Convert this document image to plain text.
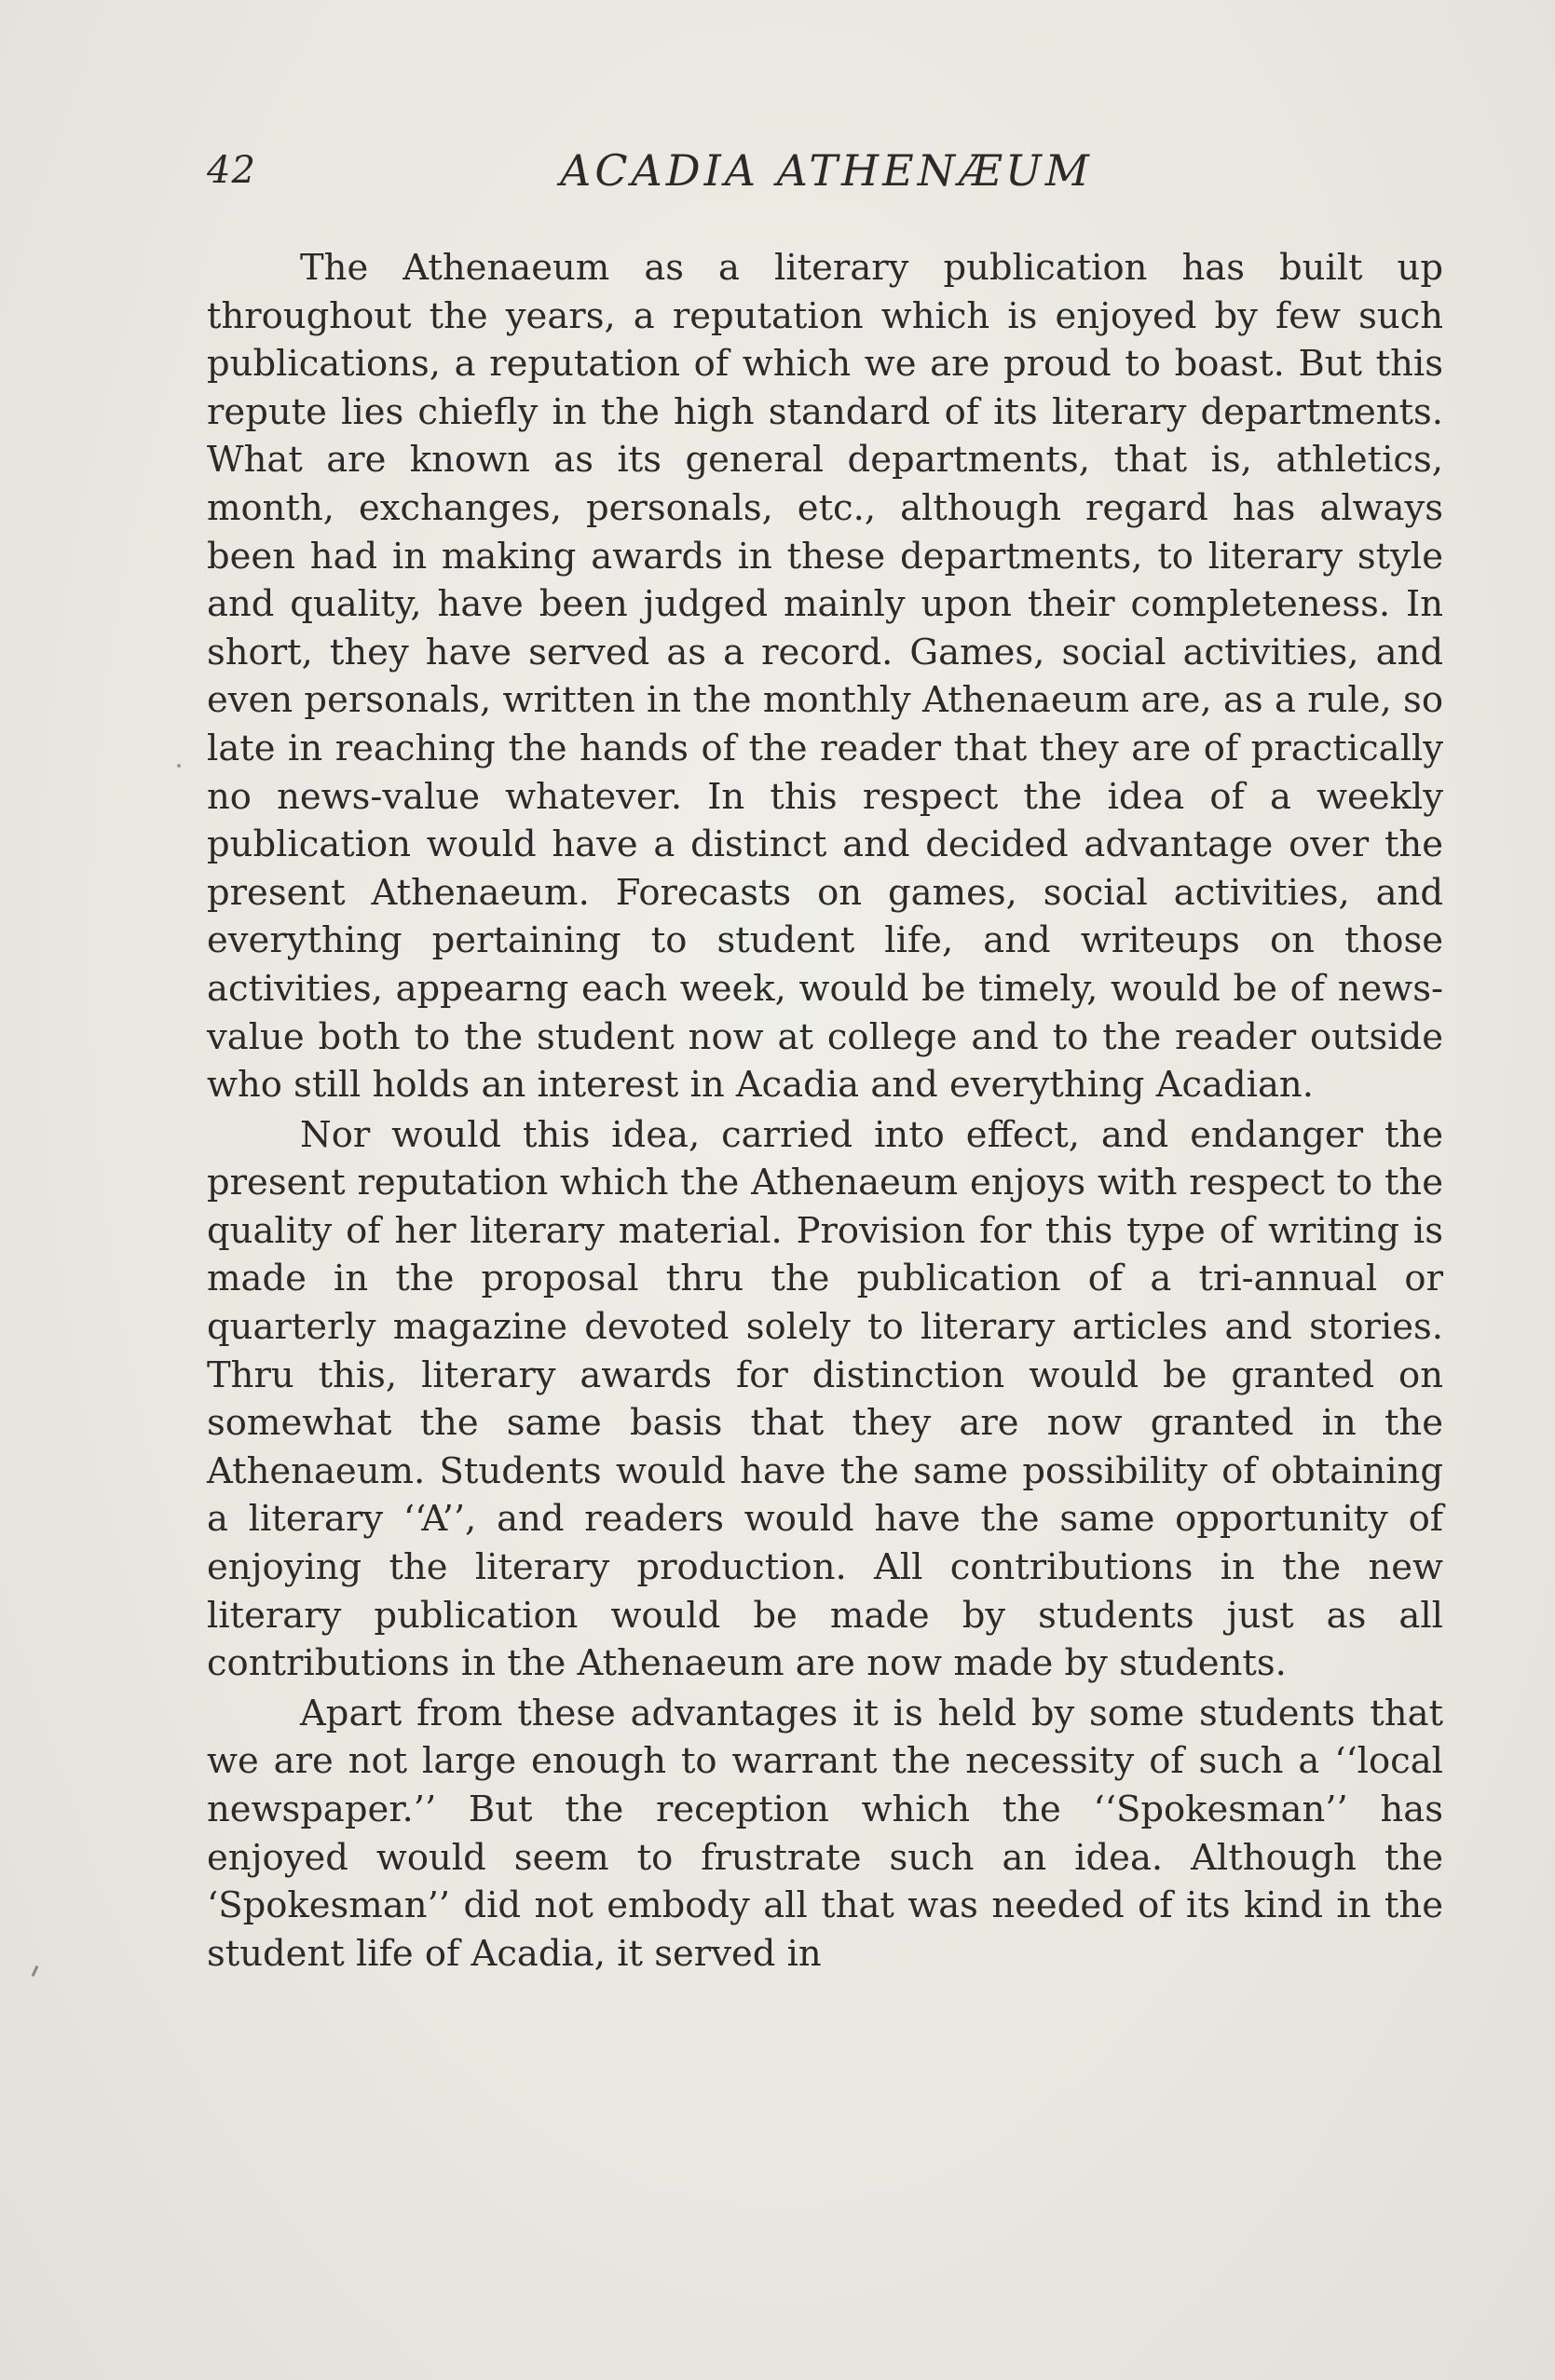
42	ACADIA ATHENÆUM

The Athenaeum as a literary publication has built up throughout the years, a reputation which is enjoyed by few such publications, a reputation of which we are proud to boast. But this repute lies chiefly in the high standard of its literary departments. What are known as its general departments, that is, athletics, month, exchanges, personals, etc., although regard has always been had in making awards in these departments, to literary style and quality, have been judged mainly upon their completeness. In short, they have served as a record. Games, social activities, and even personals, written in the monthly Athenaeum are, as a rule, so late in reaching the hands of the reader that they are of practically no news-value whatever. In this respect the idea of a weekly publication would have a distinct and decided advantage over the present Athenaeum. Forecasts on games, social activities, and everything pertaining to student life, and writeups on those activities, appearng each week, would be timely, would be of news-value both to the student now at college and to the reader outside who still holds an interest in Acadia and everything Acadian.

Nor would this idea, carried into effect, and endanger the present reputation which the Athenaeum enjoys with respect to the quality of her literary material. Provision for this type of writing is made in the proposal thru the publication of a tri-annual or quarterly magazine devoted solely to literary articles and stories. Thru this, literary awards for distinction would be granted on somewhat the same basis that they are now granted in the Athenaeum. Students would have the same possibility of obtaining a literary ‘‘A’’, and readers would have the same opportunity of enjoying the literary production. All contributions in the new literary publication would be made by students just as all contributions in the Athenaeum are now made by students.

Apart from these advantages it is held by some students that we are not large enough to warrant the necessity of such a ‘‘local newspaper.’’ But the reception which the ‘‘Spokesman’’ has enjoyed would seem to frustrate such an idea. Although the ‘Spokesman’’ did not embody all that was needed of its kind in the student life of Acadia, it served in
